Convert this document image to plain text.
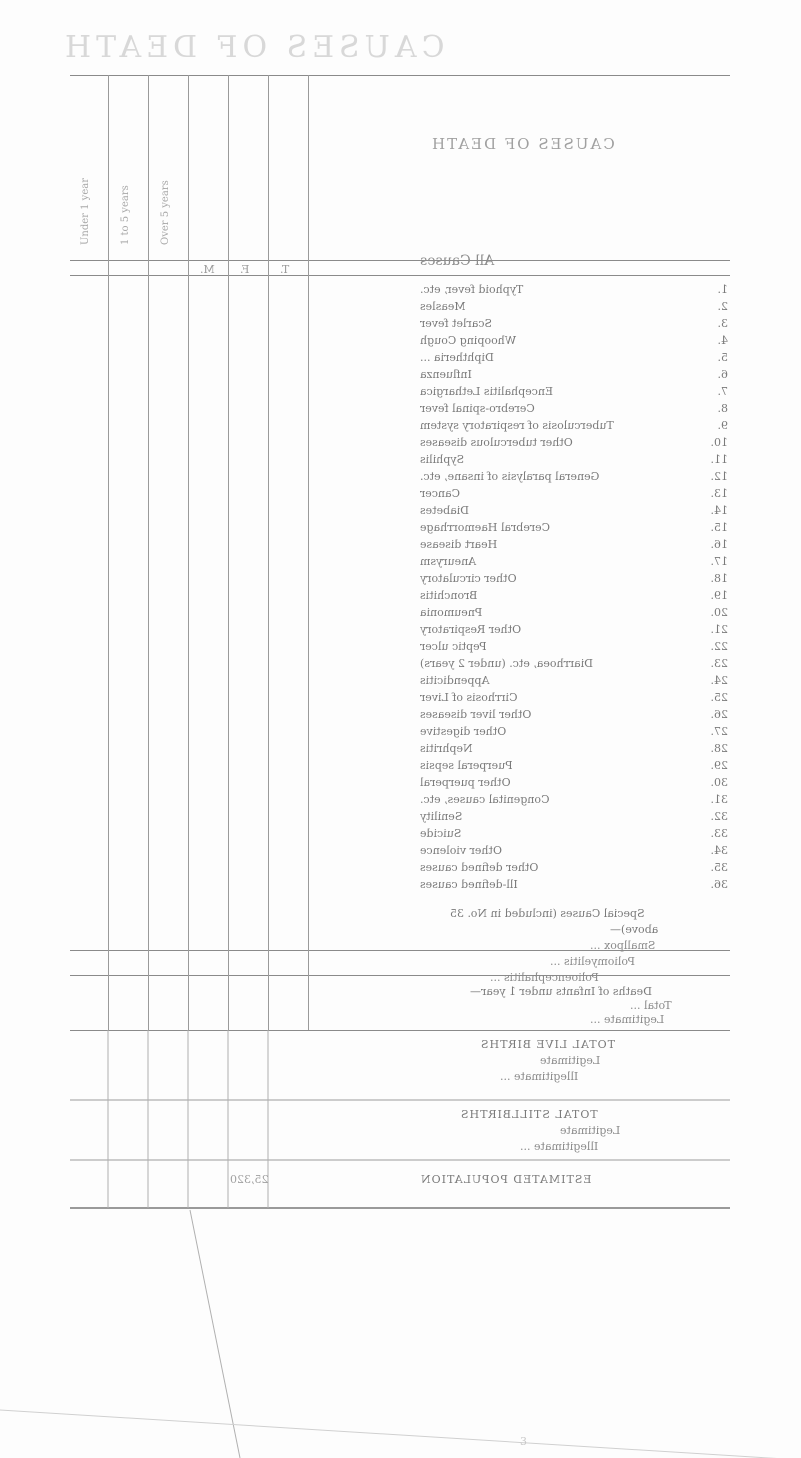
CAUSES OF DEATH
CAUSES OF DEATH
Under 1 year	1 to 5 years	Over 5 years
M. F.	T.
All Causes
Typhoid fever, etc.	1.
Measles	2.
Scarlet fever	3.
Whooping Cough	4.
Diphtheria ...	5.
Influenza	6.
Encephalitis Lethargica	7.
Cerebro-spinal fever	8.
Tuberculosis of respiratory system	9.
Other tuberculous diseases	10.
Syphilis	11.
General paralysis of insane, etc.	12.
Cancer	13.
Diabetes	14.
Cerebral Haemorrhage	15.
Heart disease	16.
Aneurysm	17.
Other circulatory	18.
Bronchitis	19.
Pneumonia	20.
Other Respiratory	21.
Peptic ulcer	22.
Diarrhoea, etc. (under 2 years)	23.
Appendicitis	24.
Cirrhosis of Liver	25.
Other liver diseases	26.
Other digestive	27.
Nephritis	28.
Puerperal sepsis	29.
Other puerperal	30.
Congenital causes, etc.	31.
Senility	32.
Suicide	33.
Other violence	34.
Other defined causes	35.
Ill-defined causes	36.
Special Causes (included in No. 35
above)—
Smallpox ...
Poliomyelitis ...
Polioencephalitis ...
Deaths of Infants under 1 year—
Total ...
Legitimate ...
TOTAL LIVE BIRTHS
Legitimate
Illegitimate ...
TOTAL STILLBIRTHS
Legitimate
Illegitimate ...
ESTIMATED POPULATION
25,320
3
